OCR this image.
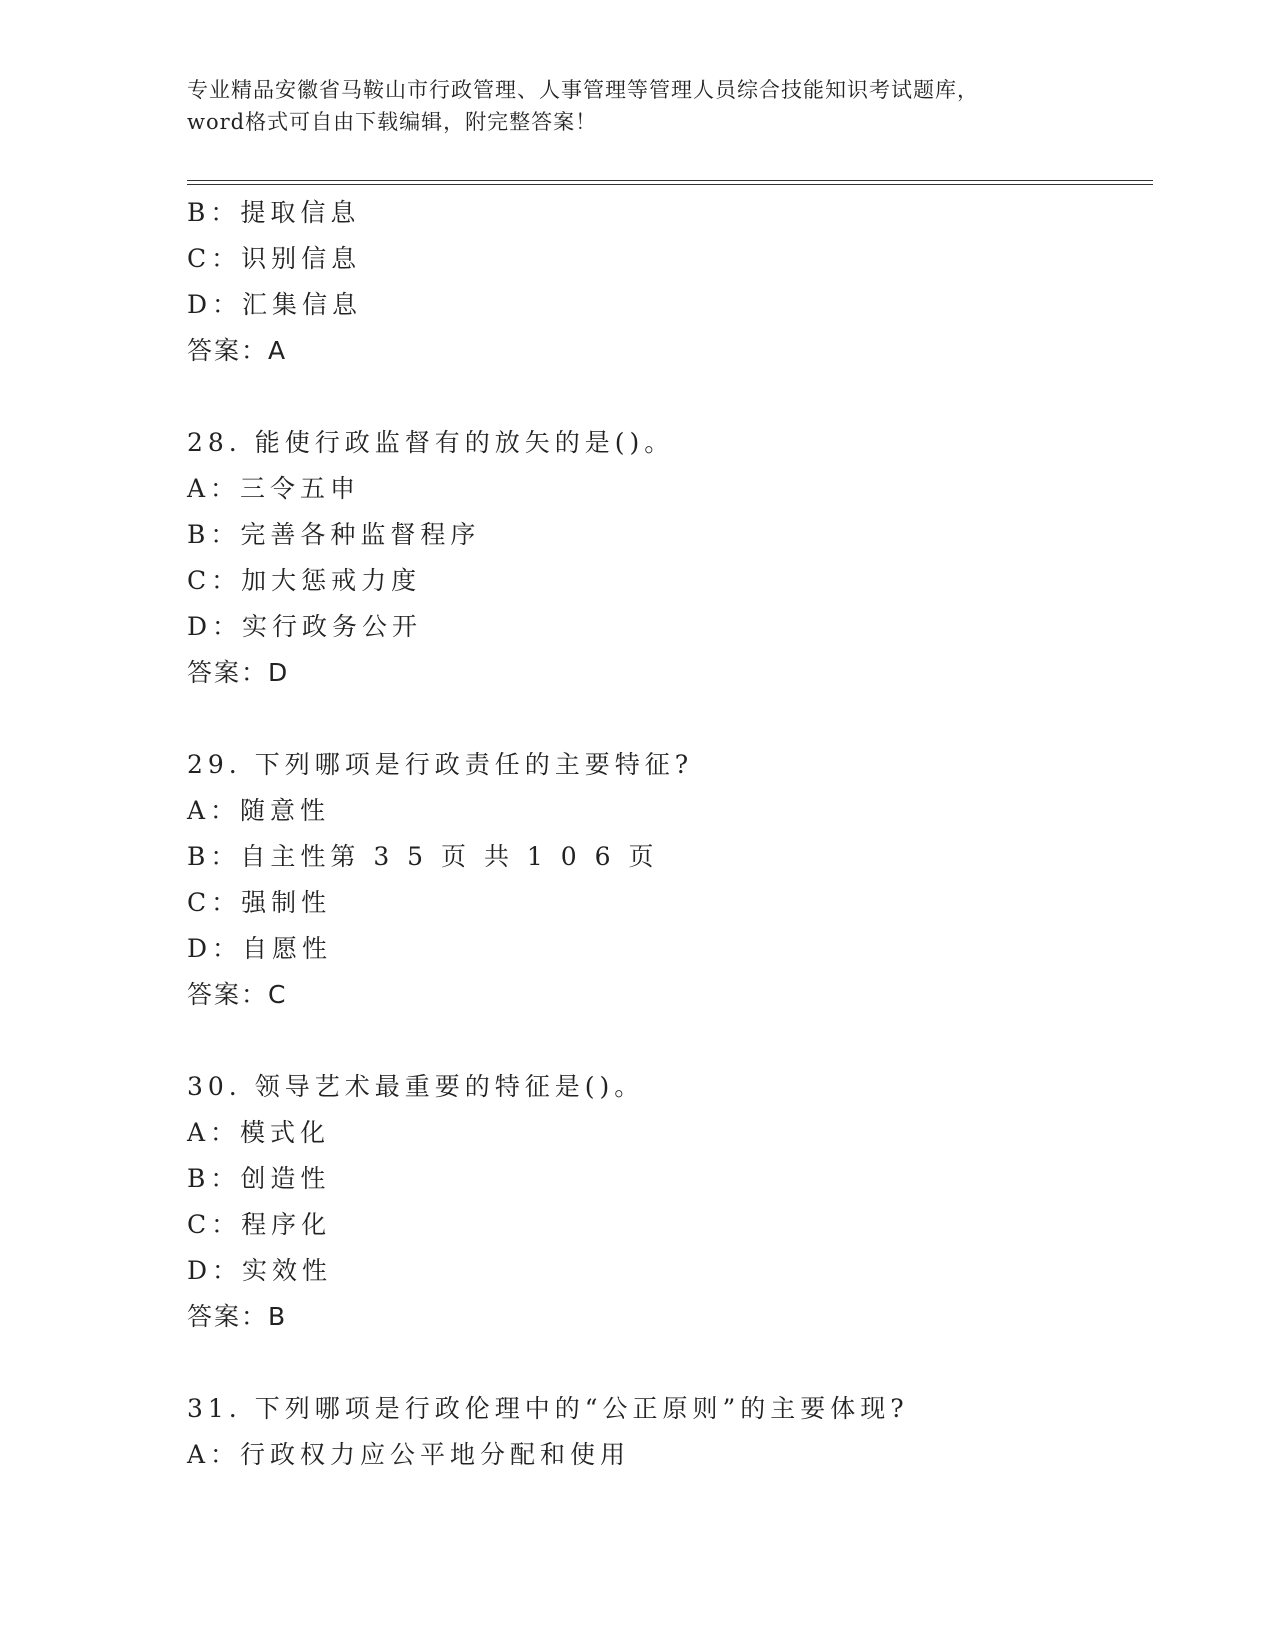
专业精品安徽省马鞍山市行政管理、人事管理等管理人员综合技能知识考试题库，
word格式可自由下载编辑，附完整答案！
B：提取信息
C：识别信息
D：汇集信息
答案：A
28. 能使行政监督有的放矢的是()。
A：三令五申
B：完善各种监督程序
C：加大惩戒力度
D：实行政务公开
答案：D
29. 下列哪项是行政责任的主要特征?
A：随意性
B：自主性第 3 5 页 共 1 0 6 页
C：强制性
D：自愿性
答案：C
30. 领导艺术最重要的特征是()。
A：模式化
B：创造性
C：程序化
D：实效性
答案：B
31. 下列哪项是行政伦理中的“公正原则”的主要体现?
A：行政权力应公平地分配和使用
